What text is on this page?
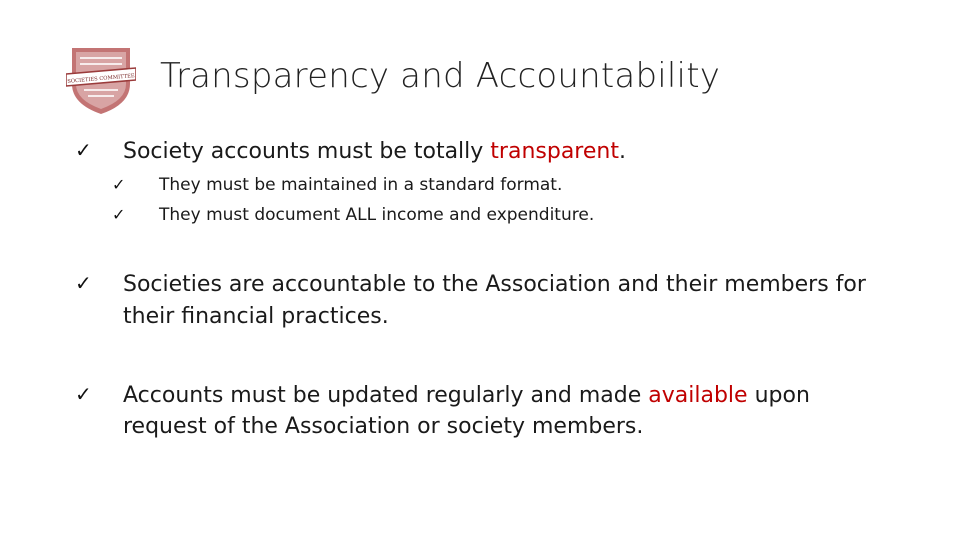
SOCIETIES COMMITTEE Transparency and Accountability
✓ Society accounts must be totally transparent.
✓ They must be maintained in a standard format.
✓ They must document ALL income and expenditure.
✓ Societies are accountable to the Association and their members for
their financial practices.
✓ Accounts must be updated regularly and made available upon
request of the Association or society members.
